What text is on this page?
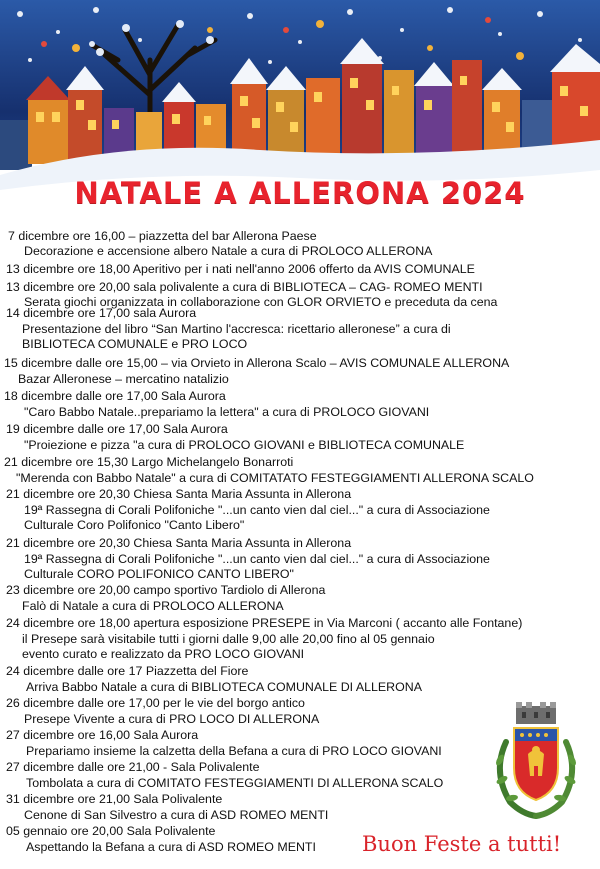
NATALE A ALLERONA 2024
7 dicembre ore 16,00 – piazzetta del bar Allerona Paese
Decorazione e accensione albero Natale a cura di PROLOCO ALLERONA
13 dicembre ore 18,00 Aperitivo per i nati nell'anno 2006 offerto da AVIS COMUNALE
13 dicembre ore 20,00 sala polivalente a cura di BIBLIOTECA – CAG- ROMEO MENTI
Serata giochi organizzata in collaborazione con GLOR ORVIETO e preceduta da cena
14 dicembre ore 17,00 sala Aurora
Presentazione del libro “San Martino l'accresca: ricettario alleronese” a cura di
BIBLIOTECA COMUNALE e PRO LOCO
15 dicembre dalle ore 15,00 – via Orvieto in Allerona Scalo – AVIS COMUNALE ALLERONA
Bazar Alleronese – mercatino natalizio
18 dicembre dalle ore 17,00 Sala Aurora
"Caro Babbo Natale..prepariamo la lettera" a cura di PROLOCO GIOVANI
19 dicembre dalle ore 17,00 Sala Aurora
"Proiezione e pizza "a cura di PROLOCO GIOVANI e BIBLIOTECA COMUNALE
21 dicembre ore 15,30 Largo Michelangelo Bonarroti
"Merenda con Babbo Natale" a cura di COMITATATO FESTEGGIAMENTI ALLERONA SCALO
21 dicembre ore 20,30 Chiesa Santa Maria Assunta in Allerona
19ª Rassegna di Corali Polifoniche "...un canto vien dal ciel..." a cura di Associazione
Culturale Coro Polifonico "Canto Libero"
21 dicembre ore 20,30 Chiesa Santa Maria Assunta in Allerona
19ª Rassegna di Corali Polifoniche "...un canto vien dal ciel..." a cura di Associazione
Culturale CORO POLIFONICO CANTO LIBERO"
23 dicembre ore 20,00 campo sportivo Tardiolo di Allerona
Falò di Natale a cura di PROLOCO ALLERONA
24 dicembre ore 18,00 apertura esposizione PRESEPE in Via Marconi ( accanto alle Fontane)
il Presepe sarà visitabile tutti i giorni dalle 9,00 alle 20,00 fino al 05 gennaio
evento curato e realizzato da PRO LOCO GIOVANI
24 dicembre dalle ore 17 Piazzetta del Fiore
Arriva Babbo Natale a cura di BIBLIOTECA COMUNALE DI ALLERONA
26 dicembre dalle ore 17,00 per le vie del borgo antico
Presepe Vivente a cura di PRO LOCO DI ALLERONA
27 dicembre ore 16,00 Sala Aurora
Prepariamo insieme la calzetta della Befana a cura di PRO LOCO GIOVANI
27 dicembre dalle ore 21,00 - Sala Polivalente
Tombolata a cura di COMITATO FESTEGGIAMENTI DI ALLERONA SCALO
31 dicembre ore 21,00 Sala Polivalente
Cenone di San Silvestro a cura di ASD ROMEO MENTI
05 gennaio ore 20,00 Sala Polivalente
Aspettando la Befana a cura di ASD ROMEO MENTI Buon Feste a tutti!
